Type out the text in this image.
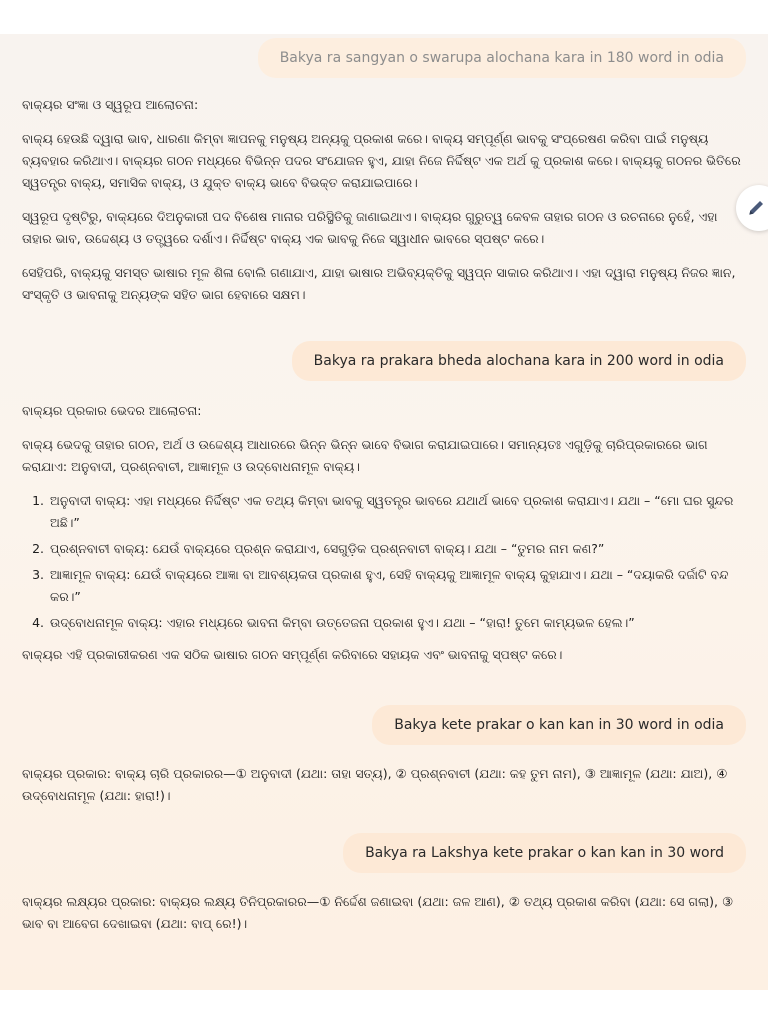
Bakya ra sangyan o swarupa alochana kara in 180 word in odia

ବାକ୍ୟର ସଂଜ୍ଞା ଓ ସ୍ୱରୂପ ଆଲୋଚନା:

ବାକ୍ୟ ହେଉଛି ଦ୍ୱାରା ଭାବ, ଧାରଣା କିମ୍ବା ଜ୍ଞାପନକୁ ମନୁଷ୍ୟ ଅନ୍ୟକୁ ପ୍ରକାଶ କରେ। ବାକ୍ୟ ସମ୍ପୂର୍ଣ୍ଣ ଭାବକୁ ସଂପ୍ରେଷଣ କରିବା ପାଇଁ ମନୁଷ୍ୟ ବ୍ୟବହାର କରିଥାଏ। ବାକ୍ୟର ଗଠନ ମଧ୍ୟରେ ବିଭିନ୍ନ ପଦର ସଂଯୋଜନ ହୁଏ, ଯାହା ନିଜେ ନିର୍ଦ୍ଦିଷ୍ଟ ଏକ ଅର୍ଥ କୁ ପ୍ରକାଶ କରେ। ବାକ୍ୟକୁ ଗଠନର ଭିତିରେ ସ୍ୱତନ୍ତ୍ର ବାକ୍ୟ, ସମାସିକ ବାକ୍ୟ, ଓ ଯୁକ୍ତ ବାକ୍ୟ ଭାବେ ବିଭକ୍ତ କରାଯାଇପାରେ।

ସ୍ୱରୂପ ଦୃଷ୍ଟିରୁ, ବାକ୍ୟରେ ଦିଅନୁକାରୀ ପଦ ବିଶେଷ ମାନାର ପରିସ୍ଥିତିକୁ ଜାଣାଇଥାଏ। ବାକ୍ୟର ଗୁରୁତ୍ୱ କେବଳ ତାହାର ଗଠନ ଓ ରଚନାରେ ନୁହେଁ, ଏହା ତାହାର ଭାବ, ଉଦ୍ଦେଶ୍ୟ ଓ ତତ୍ତ୍ୱରେ ଦର୍ଶାଏ। ନିର୍ଦ୍ଦିଷ୍ଟ ବାକ୍ୟ ଏକ ଭାବକୁ ନିଜେ ସ୍ୱାଧୀନ ଭାବରେ ସ୍ପଷ୍ଟ କରେ।

ସେହିପରି, ବାକ୍ୟକୁ ସମସ୍ତ ଭାଷାର ମୂଳ ଶିଳା ବୋଲି ଗଣାଯାଏ, ଯାହା ଭାଷାର ଅଭିବ୍ୟକ୍ତିକୁ ସ୍ୱପ୍ନ ସାକାର କରିଥାଏ। ଏହା ଦ୍ୱାରା ମନୁଷ୍ୟ ନିଜର ଜ୍ଞାନ, ସଂସ୍କୃତି ଓ ଭାବନାକୁ ଅନ୍ୟଙ୍କ ସହିତ ଭାଗ ହେବାରେ ସକ୍ଷମ।

Bakya ra prakara bheda alochana kara in 200 word in odia

ବାକ୍ୟର ପ୍ରକାର ଭେଦର ଆଲୋଚନା:

ବାକ୍ୟ ଭେଦକୁ ତାହାର ଗଠନ, ଅର୍ଥ ଓ ଉଦ୍ଦେଶ୍ୟ ଆଧାରରେ ଭିନ୍ନ ଭିନ୍ନ ଭାବେ ବିଭାଗ କରାଯାଇପାରେ। ସମାନ୍ୟତଃ ଏଗୁଡ଼ିକୁ ଚାରିପ୍ରକାରରେ ଭାଗ କରାଯାଏ: ଅନୁବାଦୀ, ପ୍ରଶ୍ନବାଚୀ, ଆଜ୍ଞାମୂଳ ଓ ଉଦ୍ବୋଧନାମୂଳ ବାକ୍ୟ।

1. ଅନୁବାଦୀ ବାକ୍ୟ: ଏହା ମଧ୍ୟରେ ନିର୍ଦ୍ଦିଷ୍ଟ ଏକ ତଥ୍ୟ କିମ୍ବା ଭାବକୁ ସ୍ୱତନ୍ତ୍ର ଭାବରେ ଯଥାର୍ଥ ଭାବେ ପ୍ରକାଶ କରାଯାଏ। ଯଥା – “ମୋ ଘର ସୁନ୍ଦର ଅଛି।”
2. ପ୍ରଶ୍ନବାଚୀ ବାକ୍ୟ: ଯେଉଁ ବାକ୍ୟରେ ପ୍ରଶ୍ନ କରାଯାଏ, ସେଗୁଡ଼ିକ ପ୍ରଶ୍ନବାଚୀ ବାକ୍ୟ। ଯଥା – “ତୁମର ନାମ କଣ?”
3. ଆଜ୍ଞାମୂଳ ବାକ୍ୟ: ଯେଉଁ ବାକ୍ୟରେ ଆଜ୍ଞା ବା ଆବଶ୍ୟକତା ପ୍ରକାଶ ହୁଏ, ସେହି ବାକ୍ୟକୁ ଆଜ୍ଞାମୂଳ ବାକ୍ୟ କୁହାଯାଏ। ଯଥା – “ଦୟାକରି ଦର୍ଜାଟି ବନ୍ଦ କର।”
4. ଉଦ୍ବୋଧନାମୂଳ ବାକ୍ୟ: ଏହାର ମଧ୍ୟରେ ଭାବନା କିମ୍ବା ଉତ୍ତେଜନା ପ୍ରକାଶ ହୁଏ। ଯଥା – “ହାରା! ତୁମେ କାମ୍ୟଭଳ ହେଲ।”

ବାକ୍ୟର ଏହି ପ୍ରକାରୀକରଣ ଏକ ସଠିକ ଭାଷାର ଗଠନ ସମ୍ପୂର୍ଣ୍ଣ କରିବାରେ ସହାୟକ ଏବଂ ଭାବନାକୁ ସ୍ପଷ୍ଟ କରେ।

Bakya kete prakar o kan kan in 30 word in odia

ବାକ୍ୟର ପ୍ରକାର: ବାକ୍ୟ ଚାରି ପ୍ରକାରର—① ଅନୁବାଦୀ (ଯଥା: ତାହା ସତ୍ୟ), ② ପ୍ରଶ୍ନବାଚୀ (ଯଥା: କହ ତୁମ ନାମ), ③ ଆଜ୍ଞାମୂଳ (ଯଥା: ଯାଅ), ④ ଉଦ୍ବୋଧନାମୂଳ (ଯଥା: ହାରା!)।

Bakya ra Lakshya kete prakar o kan kan in 30 word

ବାକ୍ୟର ଲକ୍ଷ୍ୟର ପ୍ରକାର: ବାକ୍ୟର ଲକ୍ଷ୍ୟ ତିନିପ୍ରକାରର—① ନିର୍ଦ୍ଦେଶ ଜଣାଇବା (ଯଥା: ଜଳ ଆଣ), ② ତଥ୍ୟ ପ୍ରକାଶ କରିବା (ଯଥା: ସେ ଗଲା), ③ ଭାବ ବା ଆବେଗ ଦେଖାଇବା (ଯଥା: ବାପ୍ ରେ!)।
